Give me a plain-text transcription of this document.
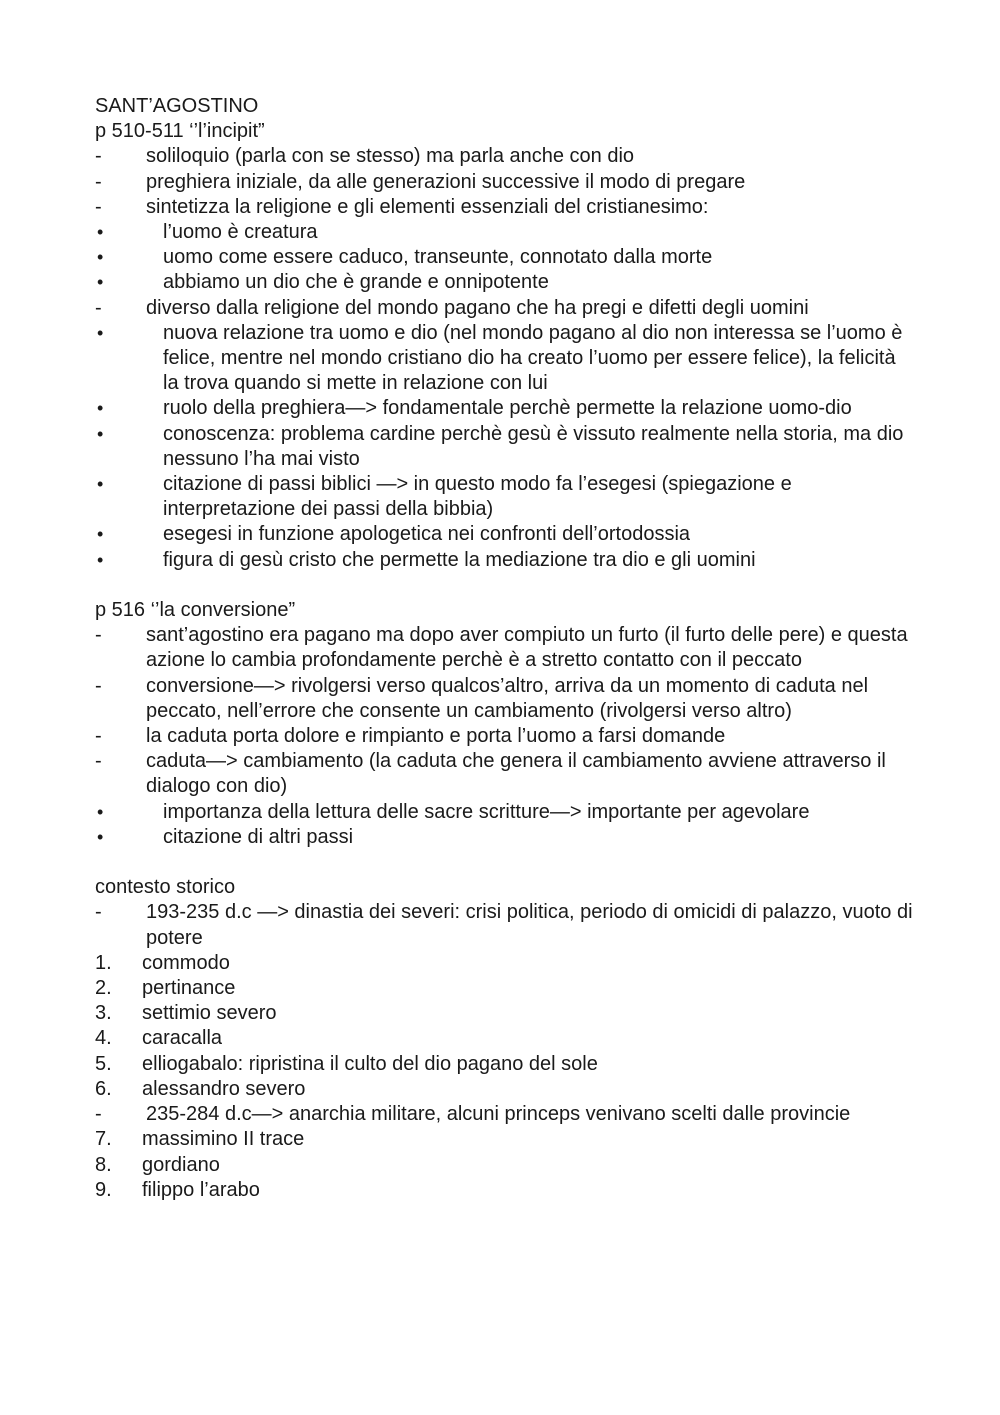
SANT’AGOSTINO
p 510-511 ‘’l’incipit”
-	soliloquio (parla con se stesso) ma parla anche con dio
-	preghiera iniziale, da alle generazioni successive il modo di pregare
-	sintetizza la religione e gli elementi essenziali del cristianesimo:
•	l’uomo è creatura
•	uomo come essere caduco, transeunte, connotato dalla morte
•	abbiamo un dio che è grande e onnipotente
-	diverso dalla religione del mondo pagano che ha pregi e difetti degli uomini
•	nuova relazione tra uomo e dio (nel mondo pagano al dio non interessa se l’uomo è felice, mentre nel mondo cristiano dio ha creato l’uomo per essere felice), la felicità la trova quando si mette in relazione con lui
•	ruolo della preghiera—> fondamentale perchè permette la relazione uomo-dio
•	conoscenza: problema cardine perchè gesù è vissuto realmente nella storia, ma dio nessuno l’ha mai visto
•	citazione di passi biblici —> in questo modo fa l’esegesi (spiegazione e interpretazione dei passi della bibbia)
•	esegesi in funzione apologetica nei confronti dell’ortodossia
•	figura di gesù cristo che permette la mediazione tra dio e gli uomini
p 516 ‘’la conversione”
-	sant’agostino era pagano ma dopo aver compiuto un furto (il furto delle pere) e questa azione lo cambia profondamente perchè è a stretto contatto con il peccato
-	conversione—> rivolgersi verso qualcos’altro, arriva da un momento di caduta nel peccato, nell’errore che consente un cambiamento (rivolgersi verso altro)
-	la caduta porta dolore e rimpianto e porta l’uomo a farsi domande
-	caduta—> cambiamento (la caduta che genera il cambiamento avviene attraverso il dialogo con dio)
•	importanza della lettura delle sacre scritture—> importante per agevolare
•	citazione di altri passi
contesto storico
-	193-235 d.c —> dinastia dei severi: crisi politica, periodo di omicidi di palazzo, vuoto di potere
1.	commodo
2.	pertinance
3.	settimio severo
4.	caracalla
5.	elliogabalo: ripristina il culto del dio pagano del sole
6.	alessandro severo
-	235-284 d.c—> anarchia militare, alcuni princeps venivano scelti dalle provincie
7.	massimino II trace
8.	gordiano
9.	filippo l’arabo
